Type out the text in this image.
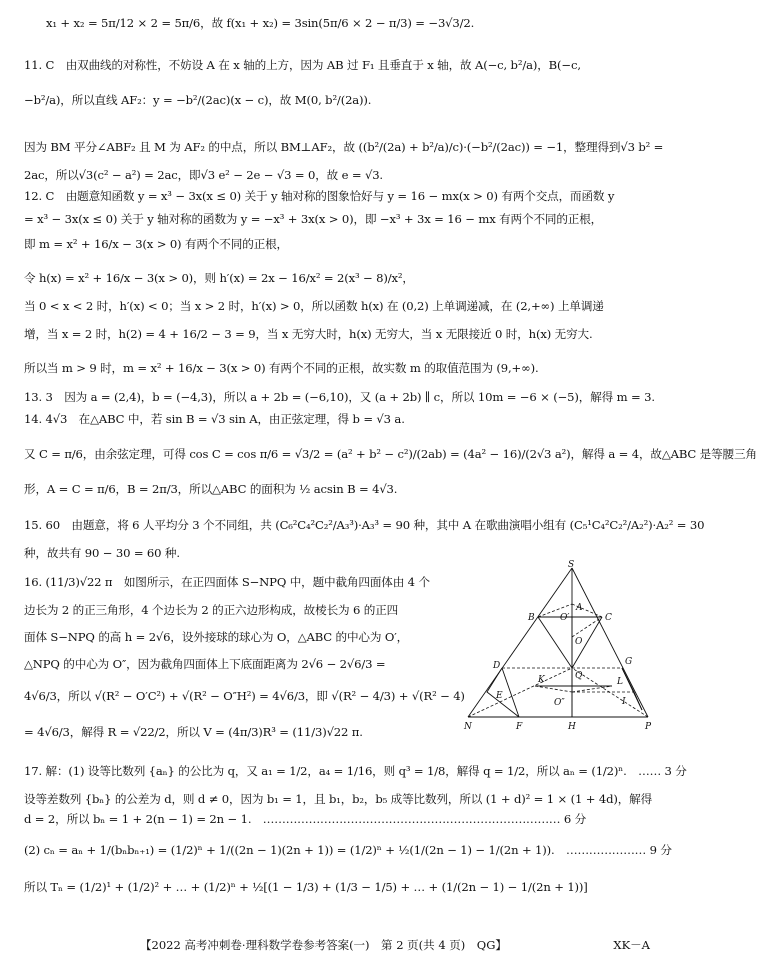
x₁ + x₂ = 5π/12 × 2 = 5π/6，故 f(x₁ + x₂) = 3sin(5π/6 × 2 − π/3) = −3√3/2.
11. C　由双曲线的对称性，不妨设 A 在 x 轴的上方，因为 AB 过 F₁ 且垂直于 x 轴，故 A(−c, b²/a)，B(−c,
−b²/a)，所以直线 AF₂：y = −b²/(2ac)(x − c)，故 M(0, b²/(2a)).
因为 BM 平分∠ABF₂ 且 M 为 AF₂ 的中点，所以 BM⊥AF₂，故 ((b²/(2a) + b²/a)/c)·(−b²/(2ac)) = −1，整理得到√3 b² =
2ac，所以√3(c² − a²) = 2ac，即√3 e² − 2e − √3 = 0，故 e = √3.
12. C　由题意知函数 y = x³ − 3x(x ≤ 0) 关于 y 轴对称的图象恰好与 y = 16 − mx(x > 0) 有两个交点，而函数 y
= x³ − 3x(x ≤ 0) 关于 y 轴对称的函数为 y = −x³ + 3x(x > 0)，即 −x³ + 3x = 16 − mx 有两个不同的正根，
即 m = x² + 16/x − 3(x > 0) 有两个不同的正根，
令 h(x) = x² + 16/x − 3(x > 0)，则 h′(x) = 2x − 16/x² = 2(x³ − 8)/x²，
当 0 < x < 2 时，h′(x) < 0；当 x > 2 时，h′(x) > 0，所以函数 h(x) 在 (0,2) 上单调递减，在 (2,+∞) 上单调递
增，当 x = 2 时，h(2) = 4 + 16/2 − 3 = 9，当 x 无穷大时，h(x) 无穷大，当 x 无限接近 0 时，h(x) 无穷大.
所以当 m > 9 时，m = x² + 16/x − 3(x > 0) 有两个不同的正根，故实数 m 的取值范围为 (9,+∞).
13. 3　因为 a = (2,4)，b = (−4,3)，所以 a + 2b = (−6,10)，又 (a + 2b) ∥ c，所以 10m = −6 × (−5)，解得 m = 3.
14. 4√3　在△ABC 中，若 sin B = √3 sin A，由正弦定理，得 b = √3 a.
又 C = π/6，由余弦定理，可得 cos C = cos π/6 = √3/2 = (a² + b² − c²)/(2ab) = (4a² − 16)/(2√3 a²)，解得 a = 4，故△ABC 是等腰三角
形，A = C = π/6，B = 2π/3，所以△ABC 的面积为 ½ acsin B = 4√3.
15. 60　由题意，将 6 人平均分 3 个不同组，共 (C₆²C₄²C₂²/A₃³)·A₃³ = 90 种，其中 A 在歌曲演唱小组有 (C₅¹C₄²C₂²/A₂²)·A₂² = 30
种，故共有 90 − 30 = 60 种.
16. (11/3)√22 π　如图所示，在正四面体 S−NPQ 中，题中截角四面体由 4 个
边长为 2 的正三角形，4 个边长为 2 的正六边形构成，故棱长为 6 的正四
面体 S−NPQ 的高 h = 2√6，设外接球的球心为 O，△ABC 的中心为 O′，
△NPQ 的中心为 O″，因为截角四面体上下底面距离为 2√6 − 2√6/3 =
4√6/3，所以 √(R² − O′C²) + √(R² − O″H²) = 4√6/3，即 √(R² − 4/3) + √(R² − 4)
= 4√6/3，解得 R = √22/2，所以 V = (4π/3)R³ = (11/3)√22 π.
17. 解：(1) 设等比数列 {aₙ} 的公比为 q，又 a₁ = 1/2，a₄ = 1/16，则 q³ = 1/8，解得 q = 1/2，所以 aₙ = (1/2)ⁿ.　…… 3 分
设等差数列 {bₙ} 的公差为 d，则 d ≠ 0，因为 b₁ = 1，且 b₁，b₂，b₅ 成等比数列，所以 (1 + d)² = 1 × (1 + 4d)，解得
d = 2，所以 bₙ = 1 + 2(n − 1) = 2n − 1.　…………………………………………………………………… 6 分
(2) cₙ = aₙ + 1/(bₙbₙ₊₁) = (1/2)ⁿ + 1/((2n − 1)(2n + 1)) = (1/2)ⁿ + ½(1/(2n − 1) − 1/(2n + 1)).　………………… 9 分
所以 Tₙ = (1/2)¹ + (1/2)² + … + (1/2)ⁿ + ½[(1 − 1/3) + (1/3 − 1/5) + … + (1/(2n − 1) − 1/(2n + 1))]
S
B	O′
A
C
O
D
K	Q
G
E
L
O″	I
N	F	H	P
【2022 高考冲刺卷·理科数学卷参考答案(一)　第 2 页(共 4 页)　QG】	XK－A
